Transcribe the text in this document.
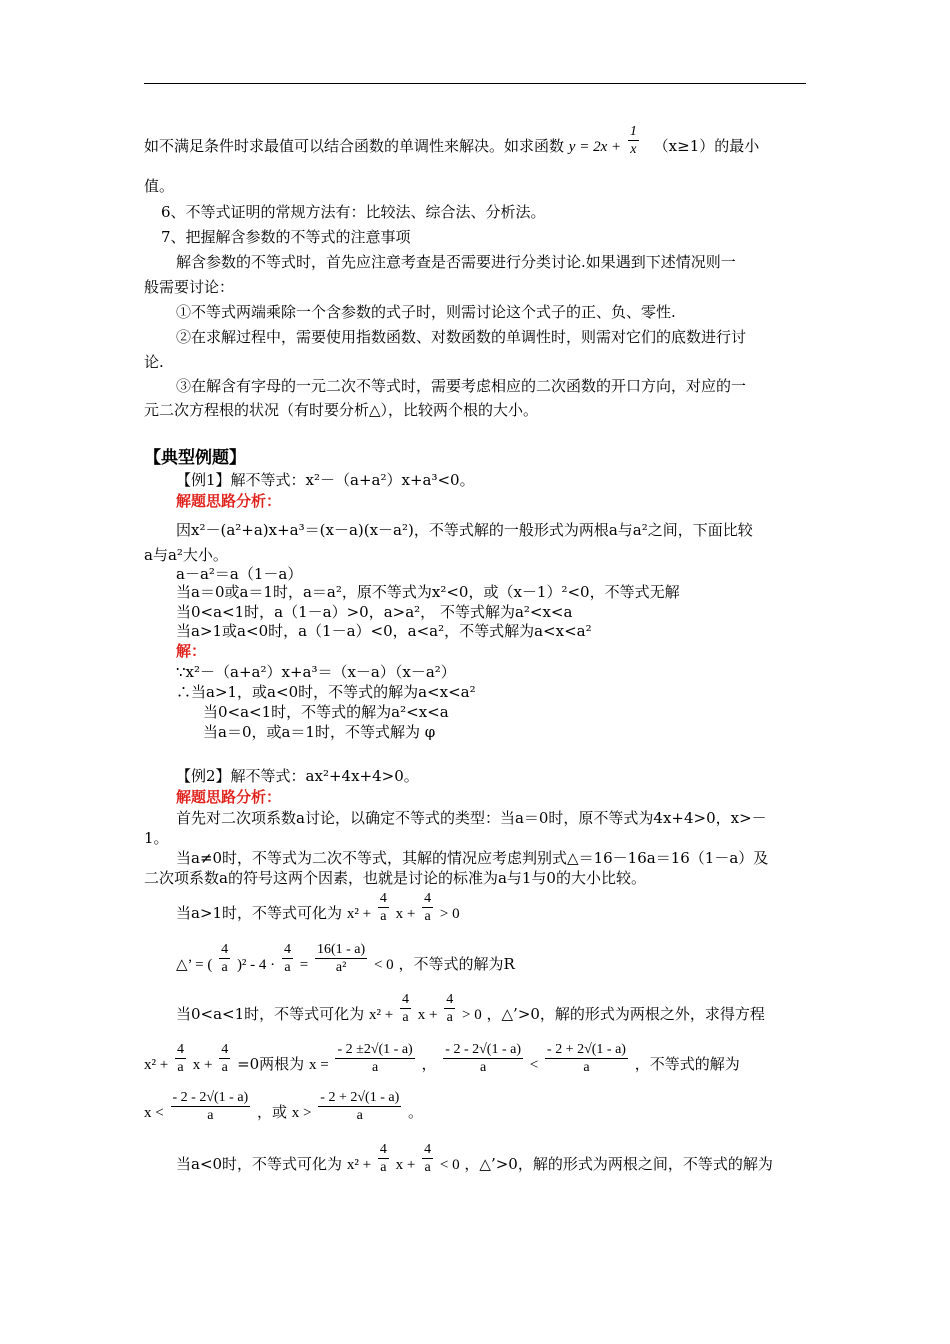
如不满足条件时求最值可以结合函数的单调性来解决。如求函数 $y = 2x + \frac{1}{x} (x\ge 1)$的最小
值。
6、不等式证明的常规方法有：比较法、综合法、分析法。
7、把握解含参数的不等式的注意事项
解含参数的不等式时，首先应注意考查是否需要进行分类讨论.如果遇到下述情况则一
般需要讨论：
①不等式两端乘除一个含参数的式子时，则需讨论这个式子的正、负、零性.
②在求解过程中，需要使用指数函数、对数函数的单调性时，则需对它们的底数进行讨
论.
③在解含有字母的一元二次不等式时，需要考虑相应的二次函数的开口方向，对应的一
元二次方程根的状况（有时要分析△），比较两个根的大小。
【典型例题】
【例1】解不等式：x²－（a+a²）x+a³<0。
解题思路分析：
因x²－(a²+a)x+a³＝(x－a)(x－a²)，不等式解的一般形式为两根a与a²之间，下面比较
a与a²大小。
a－a²＝a（1－a）
当a＝0或a＝1时，a＝a²，原不等式为x²<0，或（x－1）²<0，不等式无解
当0<a<1时，a（1－a）>0，a>a²， 不等式解为a²<x<a
当a>1或a<0时，a（1－a）<0，a<a²，不等式解为a<x<a²
解：
∵x²－（a+a²）x+a³＝（x－a）（x－a²）
∴当a>1，或a<0时，不等式的解为a<x<a²
当0<a<1时，不等式的解为a²<x<a
当a＝0，或a＝1时，不等式解为 φ
【例2】解不等式：ax²+4x+4>0。
解题思路分析：
首先对二次项系数a讨论，以确定不等式的类型：当a＝0时，原不等式为4x+4>0，x>－
1。
当a≠0时，不等式为二次不等式，其解的情况应考虑判别式△＝16－16a＝16（1－a）及
二次项系数a的符号这两个因素，也就是讨论的标准为a与1与0的大小比较。
当a>1时，不等式可化为 $x^2 + \frac{4}{a}$ $x + \frac{4}{a} > 0$
△’ = ( $\frac{4}{a} )^2 - 4 \cdot \frac{4}{a} = \frac{16(1 - a)}{\text{a²}} < 0$ ，不等式的解为R
当0<a<1时，不等式可化为 $x^2 + \frac{4}{a}$ $x + \frac{4}{a} > 0$ ，△’>0，解的形式为两根之外，求得方程
$x^2 + \frac{4}{a}$ $x + \frac{4}{a} =0$两根为 $x = \frac{- 2 \pm 2√(1 - a)}{a}$ ， $\frac{- 2 - 2√(1 - a)}{a} < \frac{- 2 + 2√(1 - a)}{a}$ ，不等式的解为
$x < \frac{- 2 - 2√(1 - a)}{a}$ ，或 $x > \frac{- 2 + 2√(1 - a)}{a}$ 。
当a<0时，不等式可化为 $x^2 + \frac{4}{a}$ $x + \frac{4}{a} < 0$ ，△’>0，解的形式为两根之间，不等式的解为
